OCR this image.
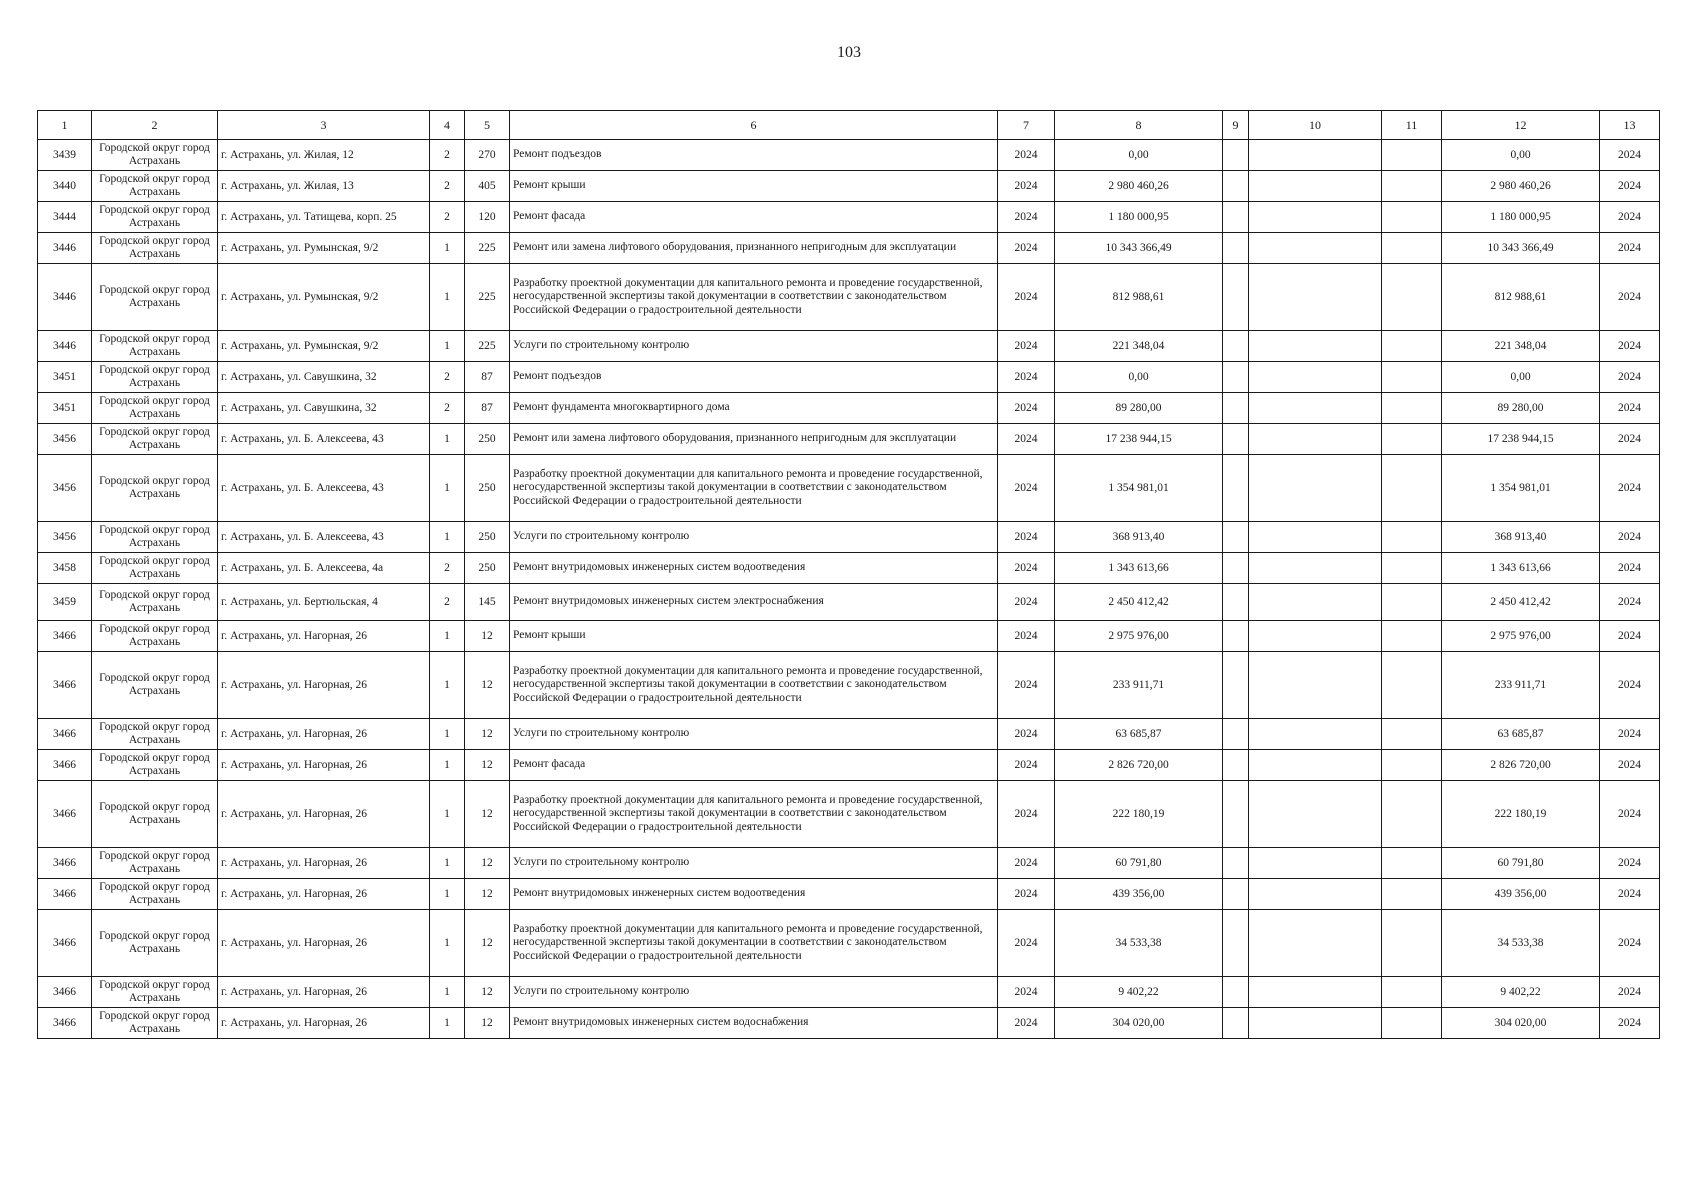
103
1	2	3	4	5	6	7	8	9	10	11	12	13
3439	Городской округ город Астрахань	г. Астрахань, ул. Жилая, 12	2	270	Ремонт подъездов	2024	0,00				0,00	2024
3440	Городской округ город Астрахань	г. Астрахань, ул. Жилая, 13	2	405	Ремонт крыши	2024	2 980 460,26				2 980 460,26	2024
3444	Городской округ город Астрахань	г. Астрахань, ул. Татищева, корп. 25	2	120	Ремонт фасада	2024	1 180 000,95				1 180 000,95	2024
3446	Городской округ город Астрахань	г. Астрахань, ул. Румынская, 9/2	1	225	Ремонт или замена лифтового оборудования, признанного непригодным для эксплуатации	2024	10 343 366,49				10 343 366,49	2024
3446	Городской округ город Астрахань	г. Астрахань, ул. Румынская, 9/2	1	225	Разработку проектной документации для капитального ремонта и проведение государственной, негосударственной экспертизы такой документации в соответствии с законодательством Российской Федерации о градостроительной деятельности	2024	812 988,61				812 988,61	2024
3446	Городской округ город Астрахань	г. Астрахань, ул. Румынская, 9/2	1	225	Услуги по строительному контролю	2024	221 348,04				221 348,04	2024
3451	Городской округ город Астрахань	г. Астрахань, ул. Савушкина, 32	2	87	Ремонт подъездов	2024	0,00				0,00	2024
3451	Городской округ город Астрахань	г. Астрахань, ул. Савушкина, 32	2	87	Ремонт фундамента многоквартирного дома	2024	89 280,00				89 280,00	2024
3456	Городской округ город Астрахань	г. Астрахань, ул. Б. Алексеева, 43	1	250	Ремонт или замена лифтового оборудования, признанного непригодным для эксплуатации	2024	17 238 944,15				17 238 944,15	2024
3456	Городской округ город Астрахань	г. Астрахань, ул. Б. Алексеева, 43	1	250	Разработку проектной документации для капитального ремонта и проведение государственной, негосударственной экспертизы такой документации в соответствии с законодательством Российской Федерации о градостроительной деятельности	2024	1 354 981,01				1 354 981,01	2024
3456	Городской округ город Астрахань	г. Астрахань, ул. Б. Алексеева, 43	1	250	Услуги по строительному контролю	2024	368 913,40				368 913,40	2024
3458	Городской округ город Астрахань	г. Астрахань, ул. Б. Алексеева, 4а	2	250	Ремонт внутридомовых инженерных систем водоотведения	2024	1 343 613,66				1 343 613,66	2024
3459	Городской округ город Астрахань	г. Астрахань, ул. Бертюльская, 4	2	145	Ремонт внутридомовых инженерных систем электроснабжения	2024	2 450 412,42				2 450 412,42	2024
3466	Городской округ город Астрахань	г. Астрахань, ул. Нагорная, 26	1	12	Ремонт крыши	2024	2 975 976,00				2 975 976,00	2024
3466	Городской округ город Астрахань	г. Астрахань, ул. Нагорная, 26	1	12	Разработку проектной документации для капитального ремонта и проведение государственной, негосударственной экспертизы такой документации в соответствии с законодательством Российской Федерации о градостроительной деятельности	2024	233 911,71				233 911,71	2024
3466	Городской округ город Астрахань	г. Астрахань, ул. Нагорная, 26	1	12	Услуги по строительному контролю	2024	63 685,87				63 685,87	2024
3466	Городской округ город Астрахань	г. Астрахань, ул. Нагорная, 26	1	12	Ремонт фасада	2024	2 826 720,00				2 826 720,00	2024
3466	Городской округ город Астрахань	г. Астрахань, ул. Нагорная, 26	1	12	Разработку проектной документации для капитального ремонта и проведение государственной, негосударственной экспертизы такой документации в соответствии с законодательством Российской Федерации о градостроительной деятельности	2024	222 180,19				222 180,19	2024
3466	Городской округ город Астрахань	г. Астрахань, ул. Нагорная, 26	1	12	Услуги по строительному контролю	2024	60 791,80				60 791,80	2024
3466	Городской округ город Астрахань	г. Астрахань, ул. Нагорная, 26	1	12	Ремонт внутридомовых инженерных систем водоотведения	2024	439 356,00				439 356,00	2024
3466	Городской округ город Астрахань	г. Астрахань, ул. Нагорная, 26	1	12	Разработку проектной документации для капитального ремонта и проведение государственной, негосударственной экспертизы такой документации в соответствии с законодательством Российской Федерации о градостроительной деятельности	2024	34 533,38				34 533,38	2024
3466	Городской округ город Астрахань	г. Астрахань, ул. Нагорная, 26	1	12	Услуги по строительному контролю	2024	9 402,22				9 402,22	2024
3466	Городской округ город Астрахань	г. Астрахань, ул. Нагорная, 26	1	12	Ремонт внутридомовых инженерных систем водоснабжения	2024	304 020,00				304 020,00	2024
